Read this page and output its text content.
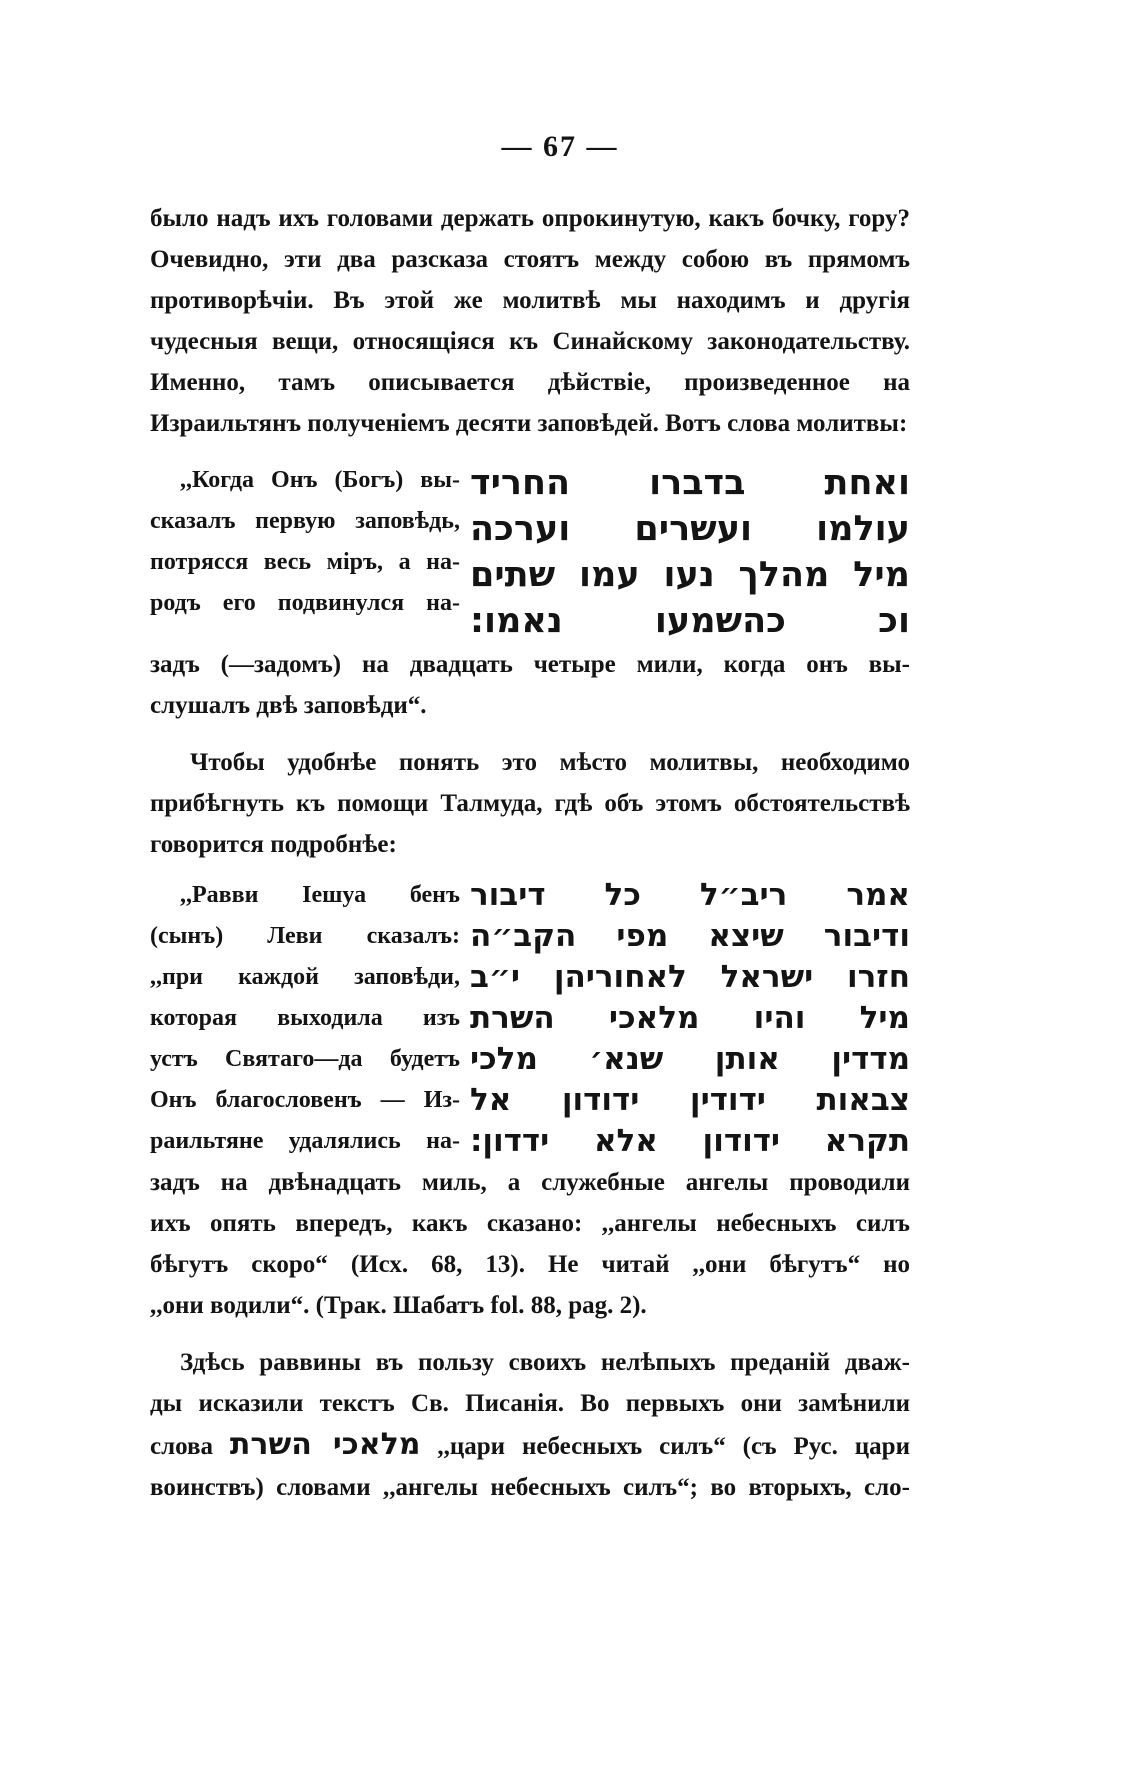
— 67 —

было надъ ихъ головами держать опрокинутую, какъ бочку, гору? Очевидно, эти два разсказа стоятъ между собою въ прямомъ противорѣчіи. Въ этой же молитвѣ мы находимъ и другія чудесныя вещи, относящіяся къ Синайскому законодательству. Именно, тамъ описывается дѣйствіе, произведенное на Израильтянъ полученіемъ десяти заповѣдей. Вотъ слова молитвы:

,,Когда Онъ (Богъ) вы-
сказалъ первую заповѣдь,
потрясся весь міръ, а на-
родъ его подвинулся на-
ואחת בדברו החריד
עולמו ועשרים וערכה
מיל מהלך נעו עמו שתים
וכ כהשמעו נאמו:
задъ (—задомъ) на двадцать четыре мили, когда онъ вы-
слушалъ двѣ заповѣди“.

Чтобы удобнѣе понять это мѣсто молитвы, необходимо прибѣгнуть къ помощи Талмуда, гдѣ объ этомъ обстоятельствѣ говорится подробнѣе:

,,Равви Іешуа бенъ
(сынъ) Леви сказалъ:
,,при каждой заповѣди,
которая выходила изъ
устъ Святаго—да будетъ
Онъ благословенъ — Из-
раильтяне удалялись на-
אמר ריב״ל כל דיבור
ודיבור שיצא מפי הקב״ה
חזרו ישראל לאחוריהן י״ב
מיל והיו מלאכי השרת
מדדין אותן שנא׳ מלכי
צבאות ידודין ידודון אל
תקרא ידודון אלא ידדון:
задъ на двѣнадцать миль, а служебные ангелы проводили
ихъ опять впередъ, какъ сказано: ,,ангелы небесныхъ силъ
бѣгутъ скоро“ (Исх. 68, 13). Не читай ,,они бѣгутъ“ но
,,они водили“. (Трак. Шабатъ fol. 88, pag. 2).
Здѣсь раввины въ пользу своихъ нелѣпыхъ преданій дваж-
ды исказили текстъ Св. Писанія. Во первыхъ они замѣнили
слова מלאכי השרת ,,цари небесныхъ силъ“ (съ Рус. цари
воинствъ) словами ,,ангелы небесныхъ силъ“; во вторыхъ, сло-
